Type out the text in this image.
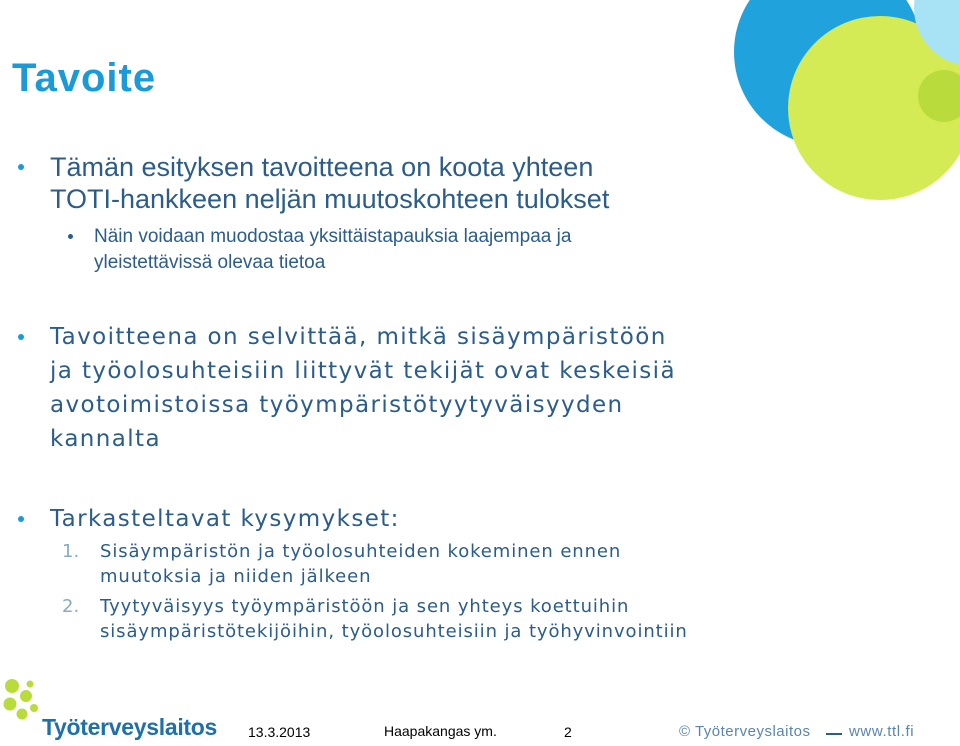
Tavoite
Tämän esityksen tavoitteena on koota yhteen
TOTI-hankkeen neljän muutoskohteen tulokset
Näin voidaan muodostaa yksittäistapauksia laajempaa ja
yleistettävissä olevaa tietoa
Tavoitteena on selvittää, mitkä sisäympäristöön
ja työolosuhteisiin liittyvät tekijät ovat keskeisiä
avotoimistoissa työympäristötyytyväisyyden
kannalta
Tarkasteltavat kysymykset:
1. Sisäympäristön ja työolosuhteiden kokeminen ennen
muutoksia ja niiden jälkeen
2. Tyytyväisyys työympäristöön ja sen yhteys koettuihin
sisäympäristötekijöihin, työolosuhteisiin ja työhyvinvointiin
Työterveyslaitos 13.3.2013	Haapakangas ym.	2	© Työterveyslaitos	www.ttl.fi
